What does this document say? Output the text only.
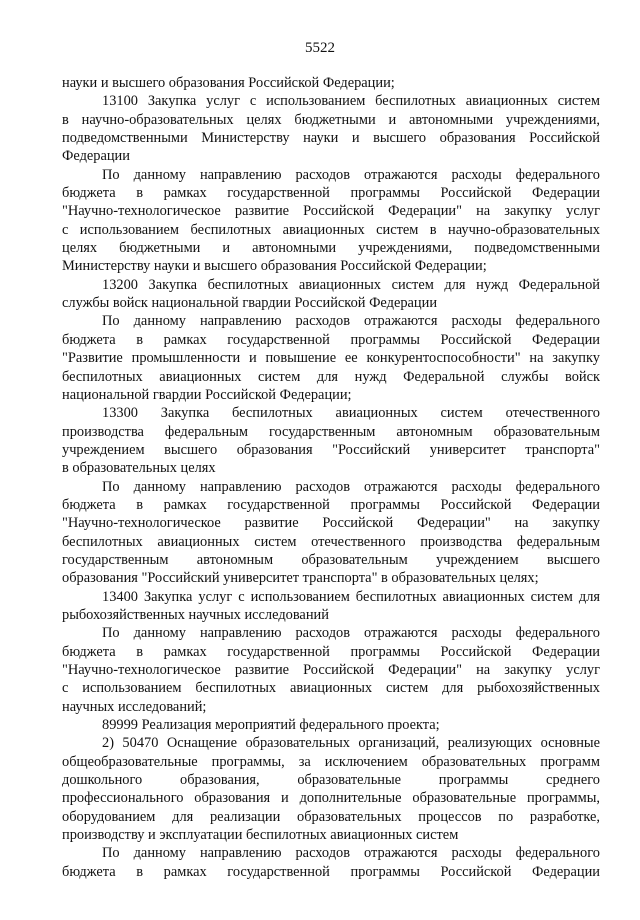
5522
науки и высшего образования Российской Федерации;
13100 Закупка услуг с использованием беспилотных авиационных систем
в научно-образовательных целях бюджетными и автономными учреждениями,
подведомственными Министерству науки и высшего образования Российской
Федерации
По данному направлению расходов отражаются расходы федерального
бюджета в рамках государственной программы Российской Федерации
"Научно-технологическое развитие Российской Федерации" на закупку услуг
с использованием беспилотных авиационных систем в научно-образовательных
целях бюджетными и автономными учреждениями, подведомственными
Министерству науки и высшего образования Российской Федерации;
13200 Закупка беспилотных авиационных систем для нужд Федеральной
службы войск национальной гвардии Российской Федерации
По данному направлению расходов отражаются расходы федерального
бюджета в рамках государственной программы Российской Федерации
"Развитие промышленности и повышение ее конкурентоспособности" на закупку
беспилотных авиационных систем для нужд Федеральной службы войск
национальной гвардии Российской Федерации;
13300 Закупка беспилотных авиационных систем отечественного
производства федеральным государственным автономным образовательным
учреждением высшего образования "Российский университет транспорта"
в образовательных целях
По данному направлению расходов отражаются расходы федерального
бюджета в рамках государственной программы Российской Федерации
"Научно-технологическое развитие Российской Федерации" на закупку
беспилотных авиационных систем отечественного производства федеральным
государственным автономным образовательным учреждением высшего
образования "Российский университет транспорта" в образовательных целях;
13400 Закупка услуг с использованием беспилотных авиационных систем для
рыбохозяйственных научных исследований
По данному направлению расходов отражаются расходы федерального
бюджета в рамках государственной программы Российской Федерации
"Научно-технологическое развитие Российской Федерации" на закупку услуг
с использованием беспилотных авиационных систем для рыбохозяйственных
научных исследований;
89999 Реализация мероприятий федерального проекта;
2) 50470 Оснащение образовательных организаций, реализующих основные
общеобразовательные программы, за исключением образовательных программ
дошкольного образования, образовательные программы среднего
профессионального образования и дополнительные образовательные программы,
оборудованием для реализации образовательных процессов по разработке,
производству и эксплуатации беспилотных авиационных систем
По данному направлению расходов отражаются расходы федерального
бюджета в рамках государственной программы Российской Федерации
